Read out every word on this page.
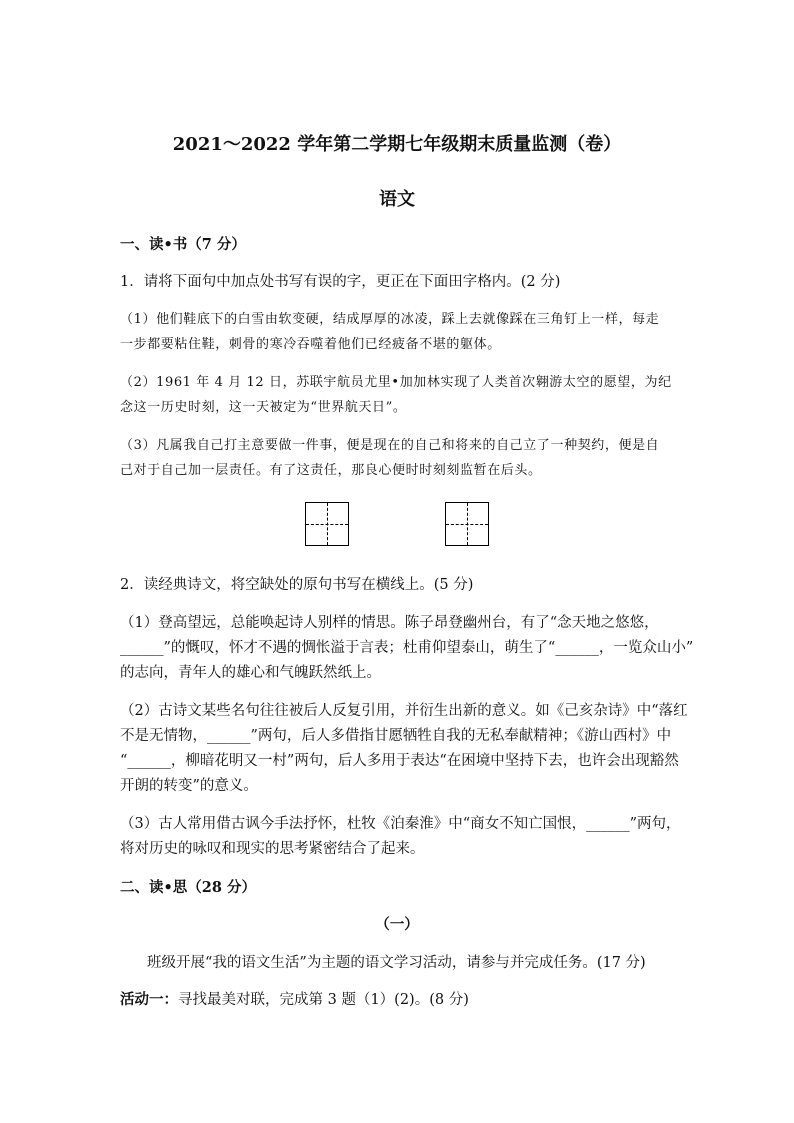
2021～2022 学年第二学期七年级期末质量监测（卷）
语文
一、读•书（7 分）
1．请将下面句中加点处书写有误的字，更正在下面田字格内。(2 分)
（1）他们鞋底下的白雪由软变硬，结成厚厚的冰凌，踩上去就像踩在三角钉上一样，每走
一步都要粘住鞋，刺骨的寒冷吞噬着他们已经疲备不堪的躯体。
（2）1961 年 4 月 12 日，苏联宇航员尤里•加加林实现了人类首次翱游太空的愿望，为纪
念这一历史时刻，这一天被定为“世界航天日”。
（3）凡属我自己打主意要做一件事，便是现在的自己和将来的自己立了一种契约，便是自
己对于自己加一层责任。有了这责任，那良心便时时刻刻监暂在后头。
2．读经典诗文，将空缺处的原句书写在横线上。(5 分)
（1）登高望远，总能唤起诗人别样的情思。陈子昂登幽州台，有了“念天地之悠悠，
______”的慨叹，怀才不遇的惆怅溢于言表；杜甫仰望泰山，萌生了“______，一览众山小”
的志向，青年人的雄心和气魄跃然纸上。
（2）古诗文某些名句往往被后人反复引用，并衍生出新的意义。如《己亥杂诗》中“落红
不是无情物，______”两句，后人多借指甘愿牺牲自我的无私奉献精神；《游山西村》中
“______，柳暗花明又一村”两句，后人多用于表达“在困境中坚持下去，也许会出现豁然
开朗的转变”的意义。
（3）古人常用借古讽今手法抒怀，杜牧《泊秦淮》中“商女不知亡国恨，______”两句，
将对历史的咏叹和现实的思考紧密结合了起来。
二、读•思（28 分）
（一）
班级开展“我的语文生活”为主题的语文学习活动，请参与并完成任务。(17 分)
活动一：寻找最美对联，完成第 3 题（1）(2)。(8 分)
